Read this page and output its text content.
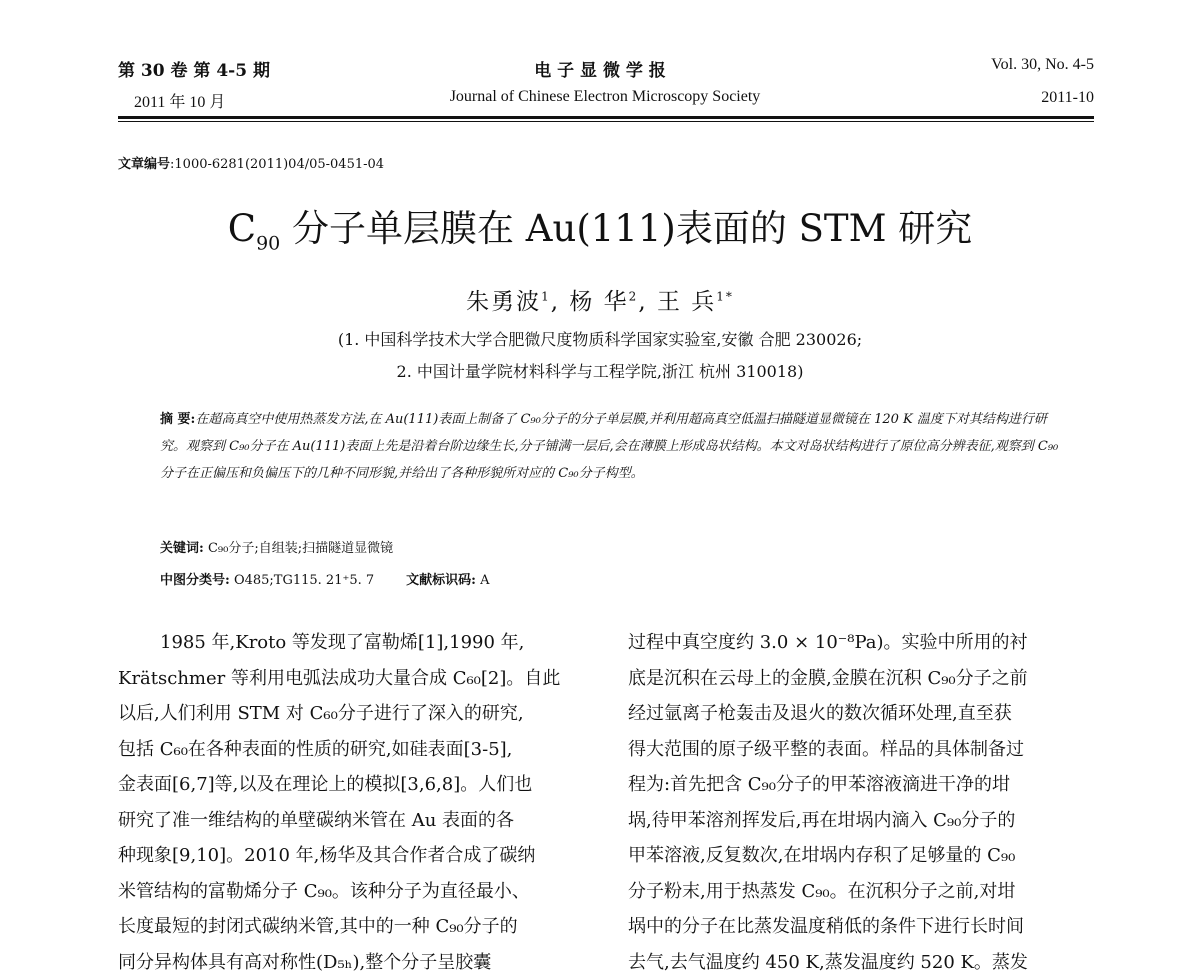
第 30 卷 第 4-5 期
2011 年 10 月
电 子 显 微 学 报
Journal of Chinese Electron Microscopy Society
Vol. 30, No. 4-5
2011-10
文章编号:1000-6281(2011)04/05-0451-04
$C_{90}$ 分子单层膜在 Au(111)表面的 STM 研究
朱勇波$^1$, 杨 华$^2$, 王 兵$^{1*}$
(1. 中国科学技术大学合肥微尺度物质科学国家实验室,安徽 合肥 230026;
2. 中国计量学院材料科学与工程学院,浙江 杭州 310018)
摘 要:在超高真空中使用热蒸发方法,在 Au(111)表面上制备了 C₉₀分子的分子单层膜,并利用超高真空低温扫描隧道显微镜在 120 K 温度下对其结构进行研究。观察到 C₉₀分子在 Au(111)表面上先是沿着台阶边缘生长,分子铺满一层后,会在薄膜上形成岛状结构。本文对岛状结构进行了原位高分辨表征,观察到 C₉₀分子在正偏压和负偏压下的几种不同形貌,并给出了各种形貌所对应的 C₉₀分子构型。
关键词: C₉₀分子;自组装;扫描隧道显微镜
中图分类号: O485;TG115. 21⁺5. 7 文献标识码: A
1985 年,Kroto 等发现了富勒烯[1],1990 年,
Krätschmer 等利用电弧法成功大量合成 C₆₀[2]。自此
以后,人们利用 STM 对 C₆₀分子进行了深入的研究,
包括 C₆₀在各种表面的性质的研究,如硅表面[3-5],
金表面[6,7]等,以及在理论上的模拟[3,6,8]。人们也
研究了准一维结构的单壁碳纳米管在 Au 表面的各
种现象[9,10]。2010 年,杨华及其合作者合成了碳纳
米管结构的富勒烯分子 C₉₀。该种分子为直径最小、
长度最短的封闭式碳纳米管,其中的一种 C₉₀分子的
同分异构体具有高对称性(D₅ₕ),整个分子呈胶囊
过程中真空度约 3.0 × 10⁻⁸Pa)。实验中所用的衬
底是沉积在云母上的金膜,金膜在沉积 C₉₀分子之前
经过氩离子枪轰击及退火的数次循环处理,直至获
得大范围的原子级平整的表面。样品的具体制备过
程为:首先把含 C₉₀分子的甲苯溶液滴进干净的坩
埚,待甲苯溶剂挥发后,再在坩埚内滴入 C₉₀分子的
甲苯溶液,反复数次,在坩埚内存积了足够量的 C₉₀
分子粉末,用于热蒸发 C₉₀。在沉积分子之前,对坩
埚中的分子在比蒸发温度稍低的条件下进行长时间
去气,去气温度约 450 K,蒸发温度约 520 K。蒸发
